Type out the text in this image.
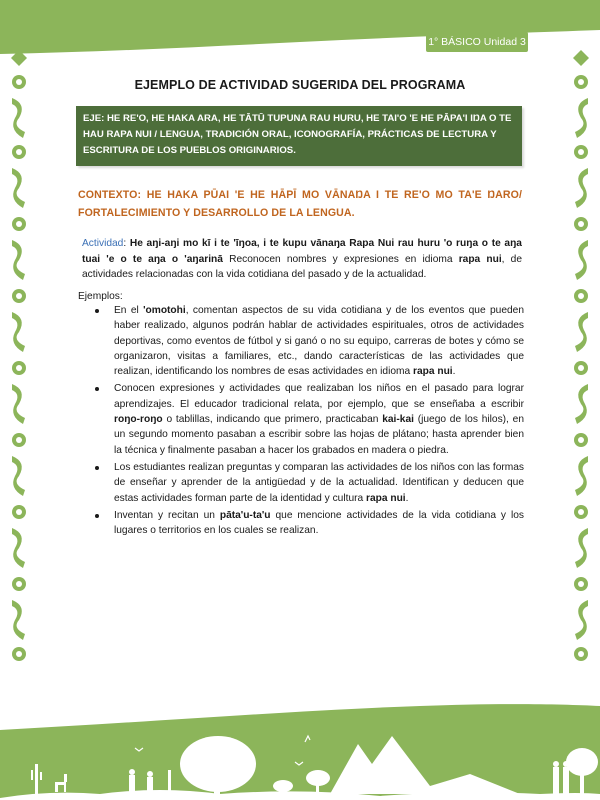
1° BÁSICO Unidad 3
EJEMPLO DE ACTIVIDAD SUGERIDA DEL PROGRAMA
EJE: HE RE'O, HE HAKA ARA, HE TĀTŪ TUPUNA RAU HURU, HE TAI'O 'E HE PĀPA'I IŊA O TE HAU RAPA NUI / LENGUA, TRADICIÓN ORAL, ICONOGRAFÍA, PRÁCTICAS DE LECTURA Y ESCRITURA DE LOS PUEBLOS ORIGINARIOS.
CONTEXTO: HE HAKA PŪAI 'E HE HĀPĪ MO VĀNAŊA I TE RE'O MO TA'E ŊARO/
FORTALECIMIENTO Y DESARROLLO DE LA LENGUA.

Actividad: He aŋi-aŋi mo kī i te 'īŋoa, i te kupu vānaŋa Rapa Nui rau huru 'o ruŋa o te aŋa tuai 'e o te aŋa o 'aŋarinā Reconocen nombres y expresiones en idioma rapa nui, de actividades relacionadas con la vida cotidiana del pasado y de la actualidad.

Ejemplos:
En el 'omotohi, comentan aspectos de su vida cotidiana y de los eventos que pueden haber realizado, algunos podrán hablar de actividades espirituales, otros de actividades deportivas, como eventos de fútbol y si ganó o no su equipo, carreras de botes y cómo se organizaron, visitas a familiares, etc., dando características de las actividades que realizan, identificando los nombres de esas actividades en idioma rapa nui.
Conocen expresiones y actividades que realizaban los niños en el pasado para lograr aprendizajes. El educador tradicional relata, por ejemplo, que se enseñaba a escribir roŋo-roŋo o tablillas, indicando que primero, practicaban kai-kai (juego de los hilos), en un segundo momento pasaban a escribir sobre las hojas de plátano; hasta aprender bien la técnica y finalmente pasaban a hacer los grabados en madera o piedra.
Los estudiantes realizan preguntas y comparan las actividades de los niños con las formas de enseñar y aprender de la antigüedad y de la actualidad. Identifican y deducen que estas actividades forman parte de la identidad y cultura rapa nui.
Inventan y recitan un pāta'u-ta'u que mencione actividades de la vida cotidiana y los lugares o territorios en los cuales se realizan.
